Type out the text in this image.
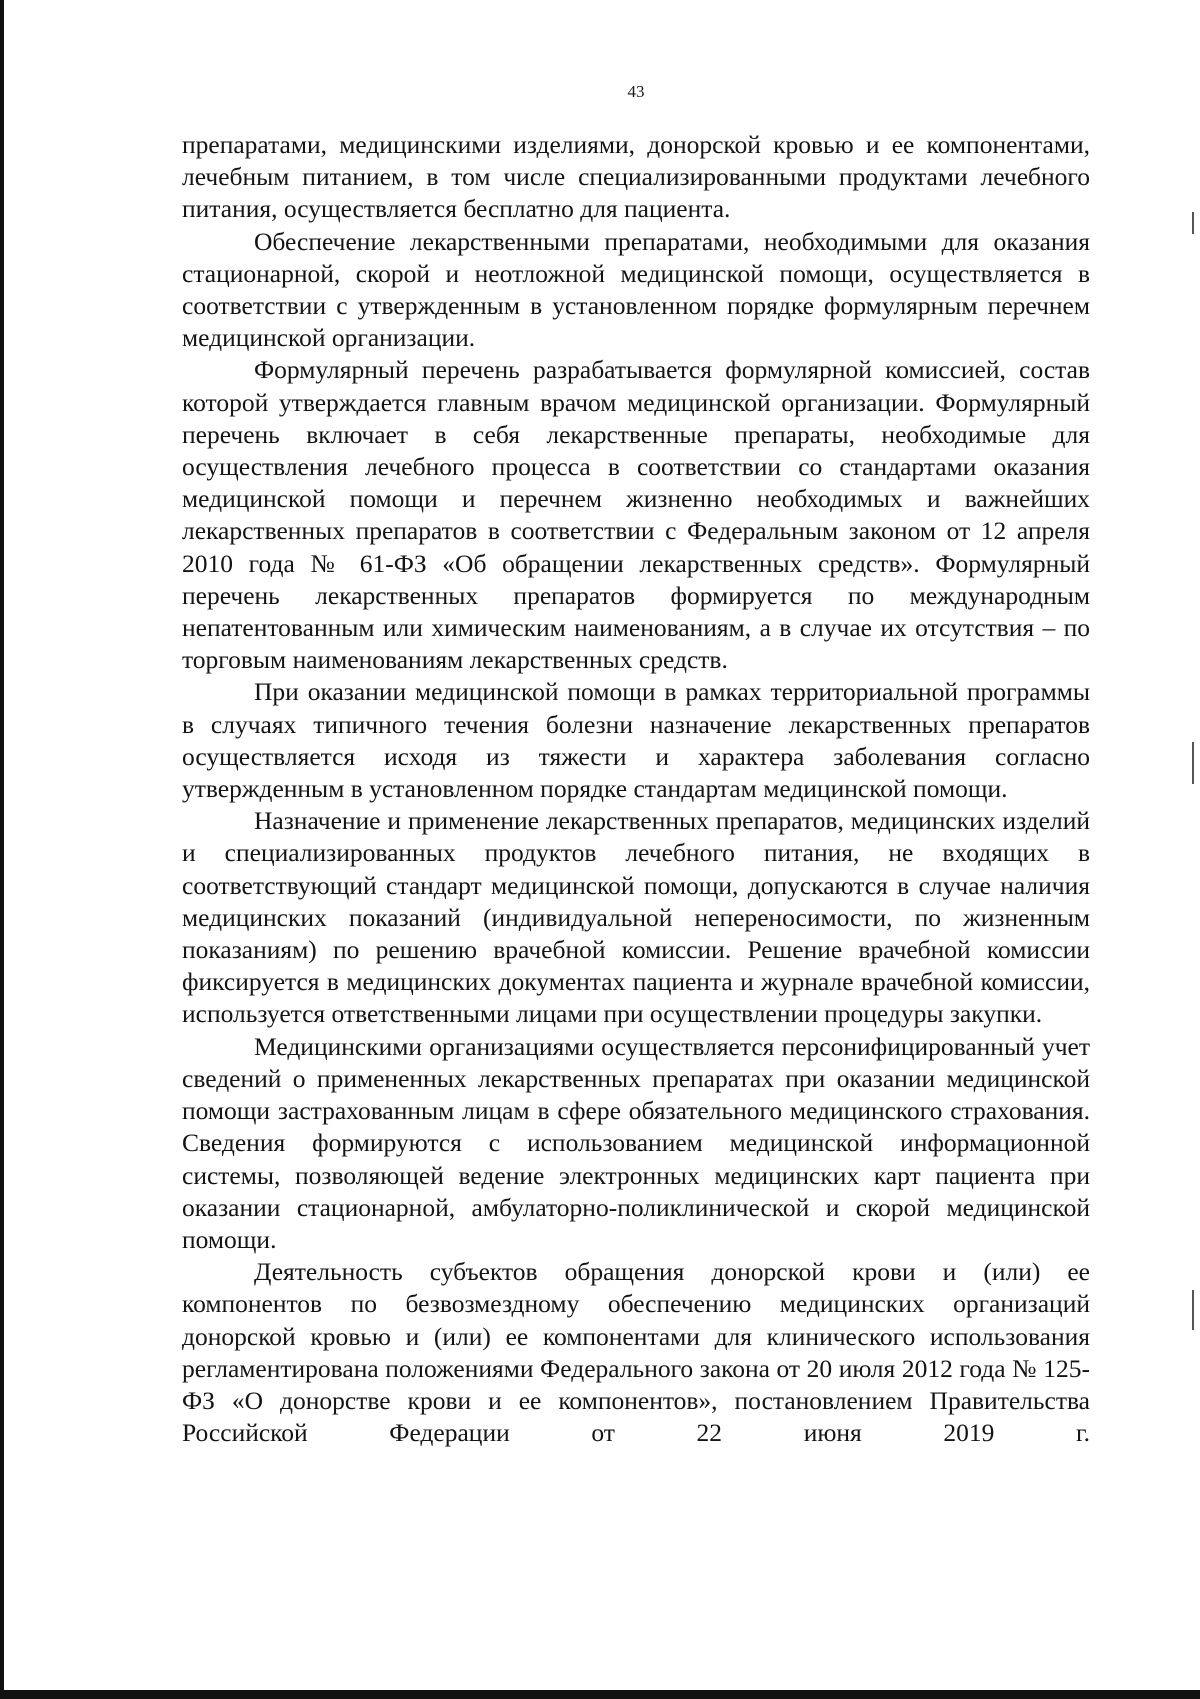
43

препаратами, медицинскими изделиями, донорской кровью и ее компонентами, лечебным питанием, в том числе специализированными продуктами лечебного питания, осуществляется бесплатно для пациента.

Обеспечение лекарственными препаратами, необходимыми для оказания стационарной, скорой и неотложной медицинской помощи, осуществляется в соответствии с утвержденным в установленном порядке формулярным перечнем медицинской организации.

Формулярный перечень разрабатывается формулярной комиссией, состав которой утверждается главным врачом медицинской организации. Формулярный перечень включает в себя лекарственные препараты, необходимые для осуществления лечебного процесса в соответствии со стандартами оказания медицинской помощи и перечнем жизненно необходимых и важнейших лекарственных препаратов в соответствии с Федеральным законом от 12 апреля 2010 года № 61-ФЗ «Об обращении лекарственных средств». Формулярный перечень лекарственных препаратов формируется по международным непатентованным или химическим наименованиям, а в случае их отсутствия – по торговым наименованиям лекарственных средств.

При оказании медицинской помощи в рамках территориальной программы в случаях типичного течения болезни назначение лекарственных препаратов осуществляется исходя из тяжести и характера заболевания согласно утвержденным в установленном порядке стандартам медицинской помощи.

Назначение и применение лекарственных препаратов, медицинских изделий и специализированных продуктов лечебного питания, не входящих в соответствующий стандарт медицинской помощи, допускаются в случае наличия медицинских показаний (индивидуальной непереносимости, по жизненным показаниям) по решению врачебной комиссии. Решение врачебной комиссии фиксируется в медицинских документах пациента и журнале врачебной комиссии, используется ответственными лицами при осуществлении процедуры закупки.

Медицинскими организациями осуществляется персонифицированный учет сведений о примененных лекарственных препаратах при оказании медицинской помощи застрахованным лицам в сфере обязательного медицинского страхования. Сведения формируются с использованием медицинской информационной системы, позволяющей ведение электронных медицинских карт пациента при оказании стационарной, амбулаторно-поликлинической и скорой медицинской помощи.

Деятельность субъектов обращения донорской крови и (или) ее компонентов по безвозмездному обеспечению медицинских организаций донорской кровью и (или) ее компонентами для клинического использования регламентирована положениями Федерального закона от 20 июля 2012 года № 125-ФЗ «О донорстве крови и ее компонентов», постановлением Правительства Российской Федерации от 22 июня 2019 г.
